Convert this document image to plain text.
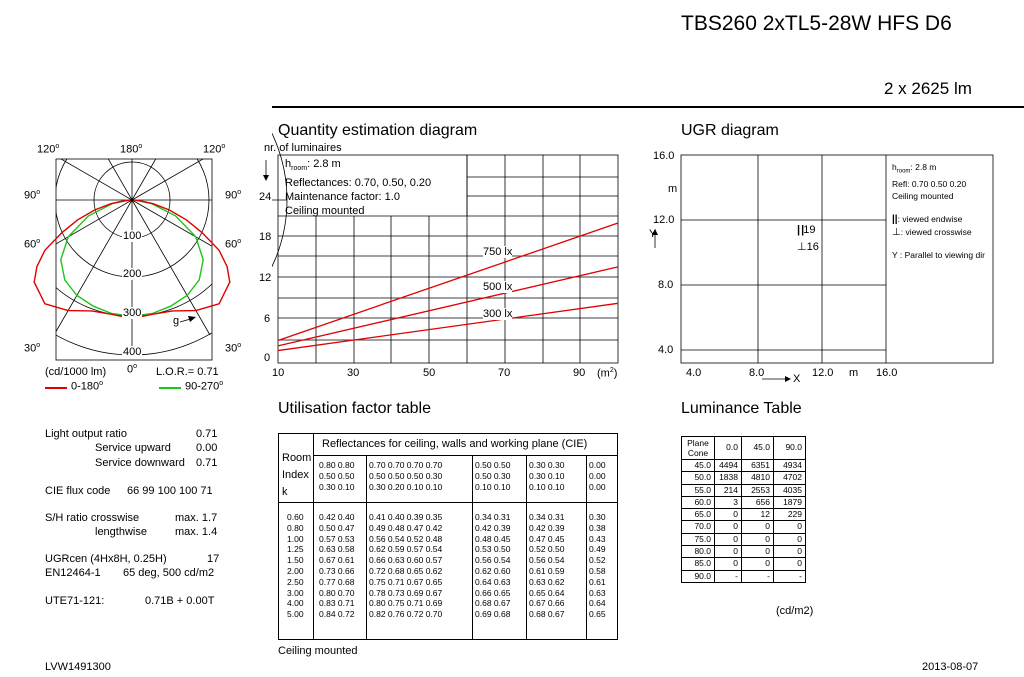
TBS260 2xTL5-28W HFS D6
2 x 2625 lm
120$^o$	180$^o$	120$^o$
90$^o$	90$^o$
60$^o$	60$^o$
30$^o$	30$^o$
0$^o$
100
200
300
400
g
(cd/1000 lm)	L.O.R.= 0.71
0-180$^o$	90-270$^o$
Quantity estimation diagram
nr. of luminaires
$h_{room}$: 2.8 m
Reflectances: 0.70, 0.50, 0.20
Maintenance factor: 1.0
Ceiling mounted
24
18
12
6
0
10	30	50	70	90 $(m^2)$
750 lx
500 lx
300 lx
UGR diagram
16.0
m
12.0
Y
8.0
4.0
4.0	8.0	X 12.0 m 16.0
| |19
⊥16
$h_{room}$: 2.8 m
Refl: 0.70 0.50 0.20
Ceiling mounted
||: viewed endwise
⊥: viewed crosswise
Y : Parallel to viewing dir
Light output ratio	0.71
Service upward 0.00
Service downward 0.71
CIE flux code 66 99 100 100 71
S/H ratio crosswise	max. 1.7
lengthwise	max. 1.4
UGRcen (4Hx8H, 0.25H)	17
EN12464-1 65 deg, 500 cd/m2
UTE71-121:	0.71B + 0.00T
Utilisation factor table
Reflectances for ceiling, walls and working plane (CIE)
Room
Index
k
0.80 0.80	0.70 0.70 0.70 0.70	0.50 0.50	0.30 0.30	0.00
0.50 0.50	0.50 0.50 0.50 0.30	0.50 0.30	0.30 0.10	0.00
0.30 0.10	0.30 0.20 0.10 0.10	0.10 0.10	0.10 0.10	0.00
0.60	0.42 0.40	0.41 0.40 0.39 0.35	0.34 0.31	0.34 0.31	0.30
0.80	0.50 0.47	0.49 0.48 0.47 0.42	0.42 0.39	0.42 0.39	0.38
1.00	0.57 0.53	0.56 0.54 0.52 0.48	0.48 0.45	0.47 0.45	0.43
1.25	0.63 0.58	0.62 0.59 0.57 0.54	0.53 0.50	0.52 0.50	0.49
1.50	0.67 0.61	0.66 0.63 0.60 0.57	0.56 0.54	0.56 0.54	0.52
2.00	0.73 0.66	0.72 0.68 0.65 0.62	0.62 0.60	0.61 0.59	0.58
2.50	0.77 0.68	0.75 0.71 0.67 0.65	0.64 0.63	0.63 0.62	0.61
3.00	0.80 0.70	0.78 0.73 0.69 0.67	0.66 0.65	0.65 0.64	0.63
4.00	0.83 0.71	0.80 0.75 0.71 0.69	0.68 0.67	0.67 0.66	0.64
5.00	0.84 0.72	0.82 0.76 0.72 0.70	0.69 0.68	0.68 0.67	0.65
Ceiling mounted
Luminance Table
Plane
Cone	0.0	45.0	90.0
45.0	4494	6351	4934
50.0	1838	4810	4702
55.0	214	2553	4035
60.0	3	656	1879
65.0	0	12	229
70.0	0	0	0
75.0	0	0	0
80.0	0	0	0
85.0	0	0	0
90.0	-	-	-
(cd/m2)
LVW1491300	2013-08-07
